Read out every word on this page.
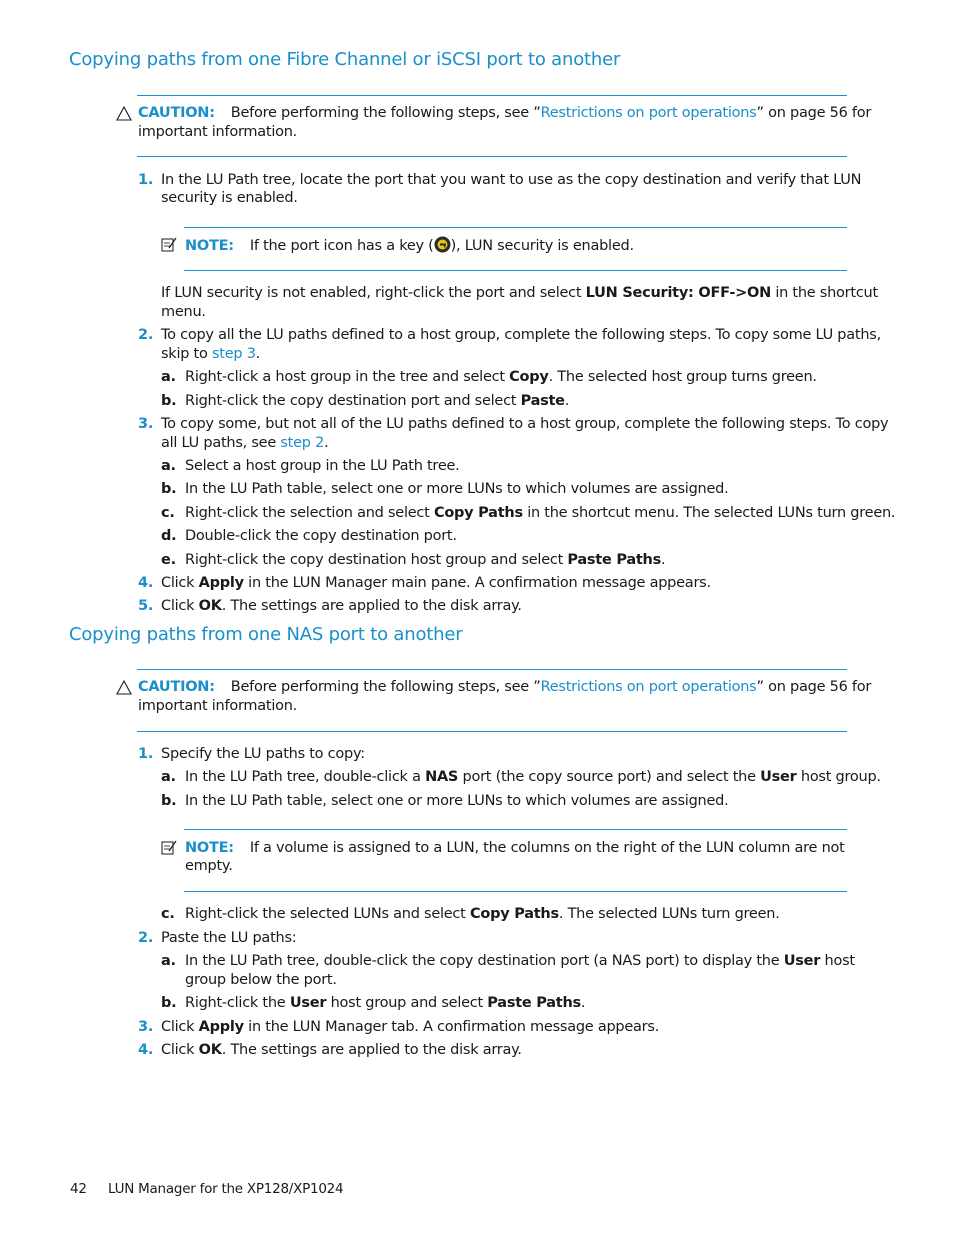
Copying paths from one Fibre Channel or iSCSI port to another
CAUTION: Before performing the following steps, see ”Restrictions on port operations” on page 56 for
important information.
1. In the LU Path tree, locate the port that you want to use as the copy destination and verify that LUN
security is enabled.
NOTE: If the port icon has a key ( ), LUN security is enabled.
If LUN security is not enabled, right-click the port and select LUN Security: OFF->ON in the shortcut
menu.
2. To copy all the LU paths defined to a host group, complete the following steps. To copy some LU paths,
skip to step 3.
a. Right-click a host group in the tree and select Copy. The selected host group turns green.
b. Right-click the copy destination port and select Paste.
3. To copy some, but not all of the LU paths defined to a host group, complete the following steps. To copy
all LU paths, see step 2.
a. Select a host group in the LU Path tree.
b. In the LU Path table, select one or more LUNs to which volumes are assigned.
c. Right-click the selection and select Copy Paths in the shortcut menu. The selected LUNs turn green.
d. Double-click the copy destination port.
e. Right-click the copy destination host group and select Paste Paths.
4. Click Apply in the LUN Manager main pane. A confirmation message appears.
5. Click OK. The settings are applied to the disk array.
Copying paths from one NAS port to another
CAUTION: Before performing the following steps, see ”Restrictions on port operations” on page 56 for
important information.
1. Specify the LU paths to copy:
a. In the LU Path tree, double-click a NAS port (the copy source port) and select the User host group.
b. In the LU Path table, select one or more LUNs to which volumes are assigned.
NOTE: If a volume is assigned to a LUN, the columns on the right of the LUN column are not
empty.
c. Right-click the selected LUNs and select Copy Paths. The selected LUNs turn green.
2. Paste the LU paths:
a. In the LU Path tree, double-click the copy destination port (a NAS port) to display the User host
group below the port.
b. Right-click the User host group and select Paste Paths.
3. Click Apply in the LUN Manager tab. A confirmation message appears.
4. Click OK. The settings are applied to the disk array.
42 LUN Manager for the XP128/XP1024
